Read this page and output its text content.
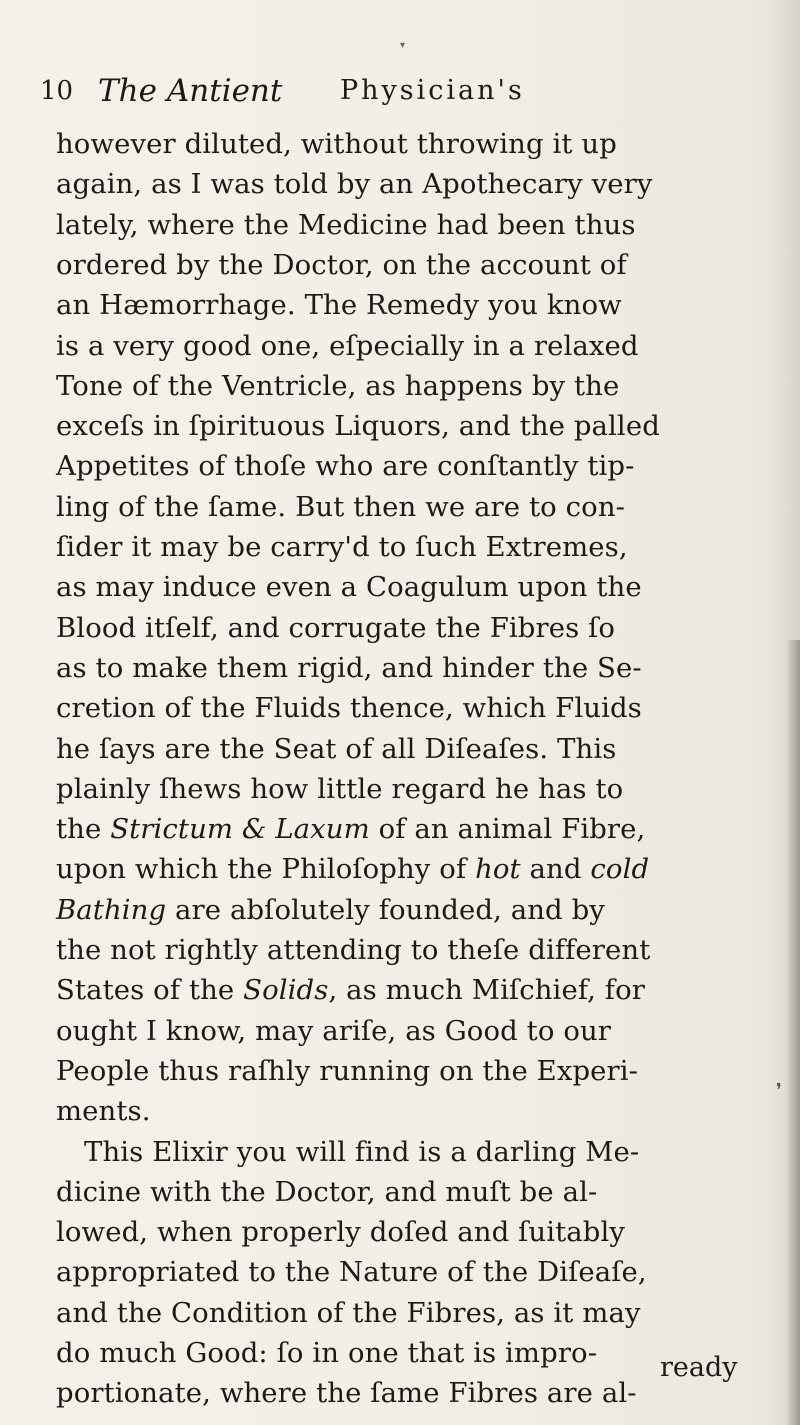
▾
10 The Antient Physician's
however diluted, without throwing it up
again, as I was told by an Apothecary very
lately, where the Medicine had been thus
ordered by the Doctor, on the account of
an Hæmorrhage. The Remedy you know
is a very good one, eſpecially in a relaxed
Tone of the Ventricle, as happens by the
exceſs in ſpirituous Liquors, and the palled
Appetites of thoſe who are conſtantly tip-
ling of the ſame. But then we are to con-
ſider it may be carry'd to ſuch Extremes,
as may induce even a Coagulum upon the
Blood itſelf, and corrugate the Fibres ſo
as to make them rigid, and hinder the Se-
cretion of the Fluids thence, which Fluids
he ſays are the Seat of all Diſeaſes. This
plainly ſhews how little regard he has to
the Strictum & Laxum of an animal Fibre,
upon which the Philoſophy of hot and cold
Bathing are abſolutely founded, and by
the not rightly attending to theſe different
States of the Solids, as much Miſchief, for
ought I know, may ariſe, as Good to our
People thus raſhly running on the Experi-
ments.
This Elixir you will find is a darling Me-
dicine with the Doctor, and muſt be al-
lowed, when properly doſed and ſuitably
appropriated to the Nature of the Diſeaſe,
and the Condition of the Fibres, as it may
do much Good: ſo in one that is impro-
portionate, where the ſame Fibres are al-
ready
❜
